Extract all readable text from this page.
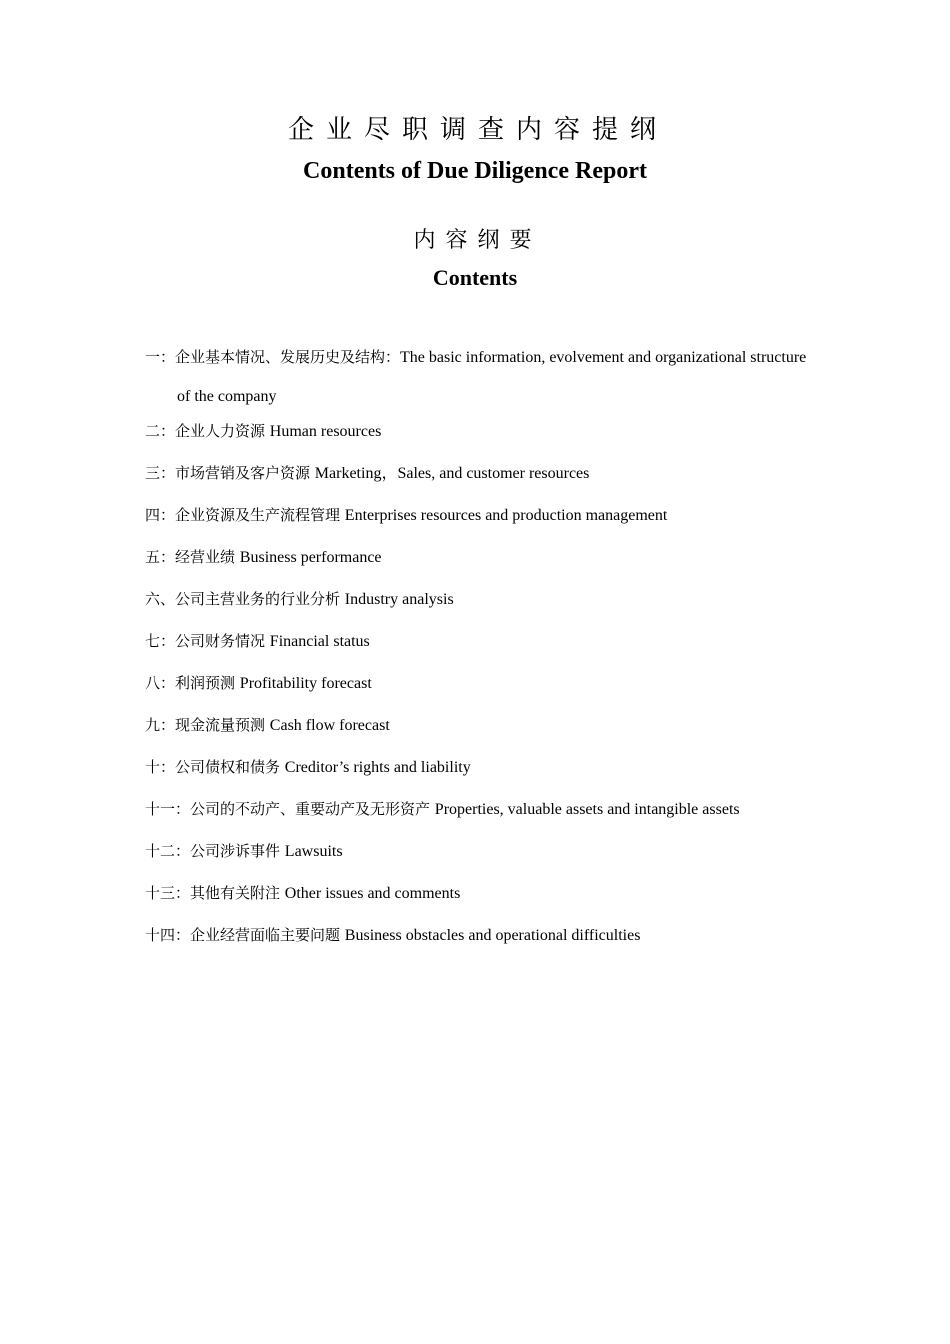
企业尽职调查内容提纲
Contents of Due Diligence Report
内容纲要
Contents
一：企业基本情况、发展历史及结构：The basic information, evolvement and organizational structure of the company
二：企业人力资源 Human resources
三：市场营销及客户资源 Marketing，Sales, and customer resources
四：企业资源及生产流程管理 Enterprises resources and production management
五：经营业绩 Business performance
六、公司主营业务的行业分析 Industry analysis
七：公司财务情况 Financial status
八：利润预测 Profitability forecast
九：现金流量预测 Cash flow forecast
十：公司债权和债务 Creditor’s rights and liability
十一：公司的不动产、重要动产及无形资产 Properties, valuable assets and intangible assets
十二：公司涉诉事件 Lawsuits
十三：其他有关附注 Other issues and comments
十四：企业经营面临主要问题 Business obstacles and operational difficulties
